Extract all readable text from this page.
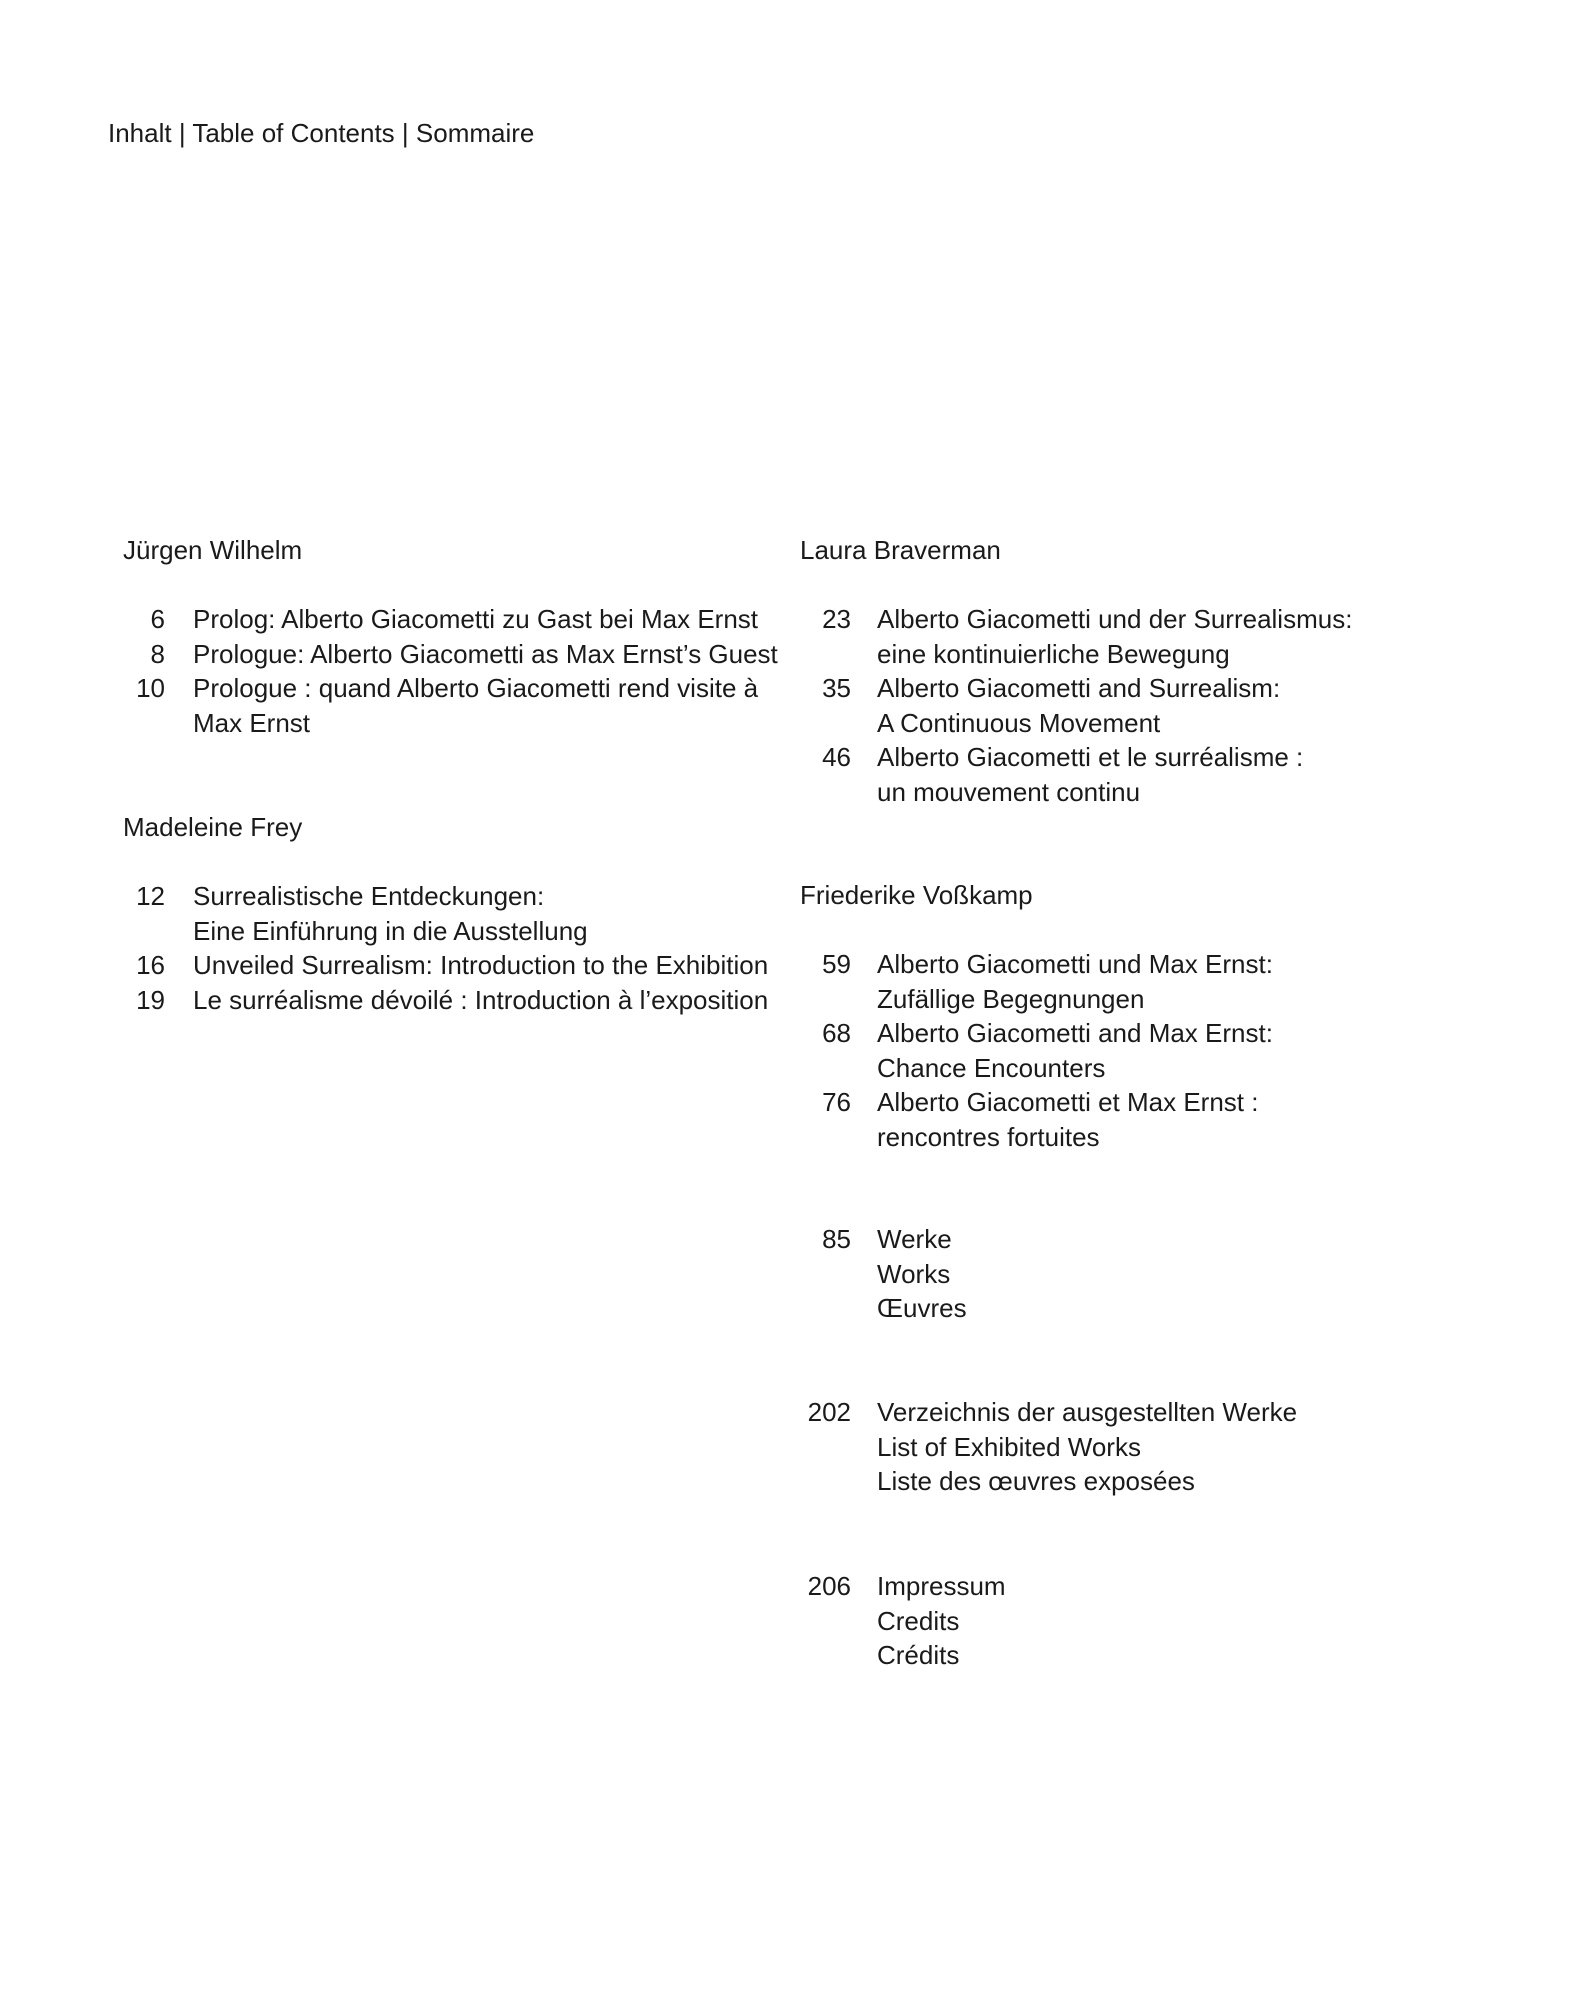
Inhalt | Table of Contents | Sommaire
Jürgen Wilhelm
6 Prolog: Alberto Giacometti zu Gast bei Max Ernst
8 Prologue: Alberto Giacometti as Max Ernst’s Guest
10 Prologue : quand Alberto Giacometti rend visite à
Max Ernst
Madeleine Frey
12 Surrealistische Entdeckungen:
Eine Einführung in die Ausstellung
16 Unveiled Surrealism: Introduction to the Exhibition
19 Le surréalisme dévoilé : Introduction à l’exposition
Laura Braverman
23 Alberto Giacometti und der Surrealismus:
eine kontinuierliche Bewegung
35 Alberto Giacometti and Surrealism:
A Continuous Movement
46 Alberto Giacometti et le surréalisme :
un mouvement continu
Friederike Voßkamp
59 Alberto Giacometti und Max Ernst:
Zufällige Begegnungen
68 Alberto Giacometti and Max Ernst:
Chance Encounters
76 Alberto Giacometti et Max Ernst :
rencontres fortuites
85 Werke
Works
Œuvres
202 Verzeichnis der ausgestellten Werke
List of Exhibited Works
Liste des œuvres exposées
206 Impressum
Credits
Crédits
